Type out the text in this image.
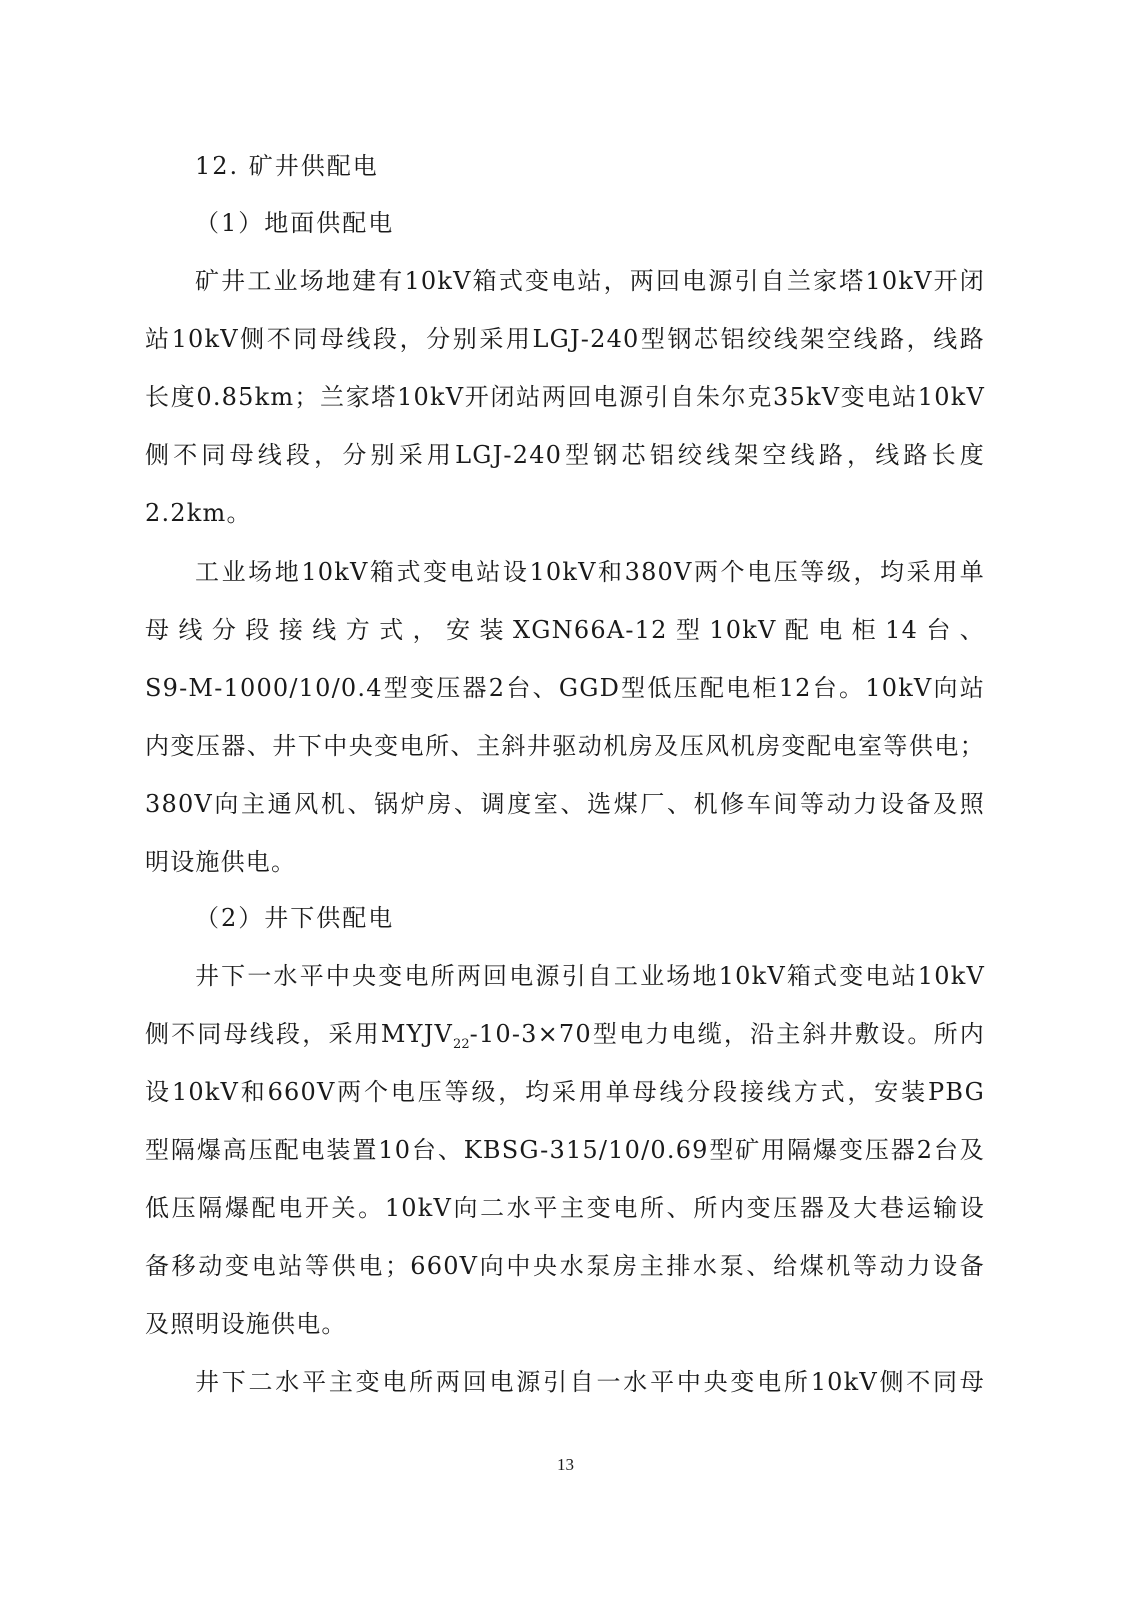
12. 矿井供配电
（1）地面供配电
矿井工业场地建有10kV箱式变电站，两回电源引自兰家塔10kV开闭
站10kV侧不同母线段，分别采用LGJ-240型钢芯铝绞线架空线路，线路
长度0.85km；兰家塔10kV开闭站两回电源引自朱尔克35kV变电站10kV
侧不同母线段，分别采用LGJ-240型钢芯铝绞线架空线路，线路长度
2.2km。
工业场地10kV箱式变电站设10kV和380V两个电压等级，均采用单
母线分段接线方式，安装XGN66A-12型10kV配电柜14台、
S9-M-1000/10/0.4型变压器2台、GGD型低压配电柜12台。10kV向站
内变压器、井下中央变电所、主斜井驱动机房及压风机房变配电室等供电；
380V向主通风机、锅炉房、调度室、选煤厂、机修车间等动力设备及照
明设施供电。
（2）井下供配电
井下一水平中央变电所两回电源引自工业场地10kV箱式变电站10kV
侧不同母线段，采用$MYJV_{22}-10-3\times 70$型电力电缆，沿主斜井敷设。所内
设10kV和660V两个电压等级，均采用单母线分段接线方式，安装PBG
型隔爆高压配电装置10台、KBSG-315/10/0.69型矿用隔爆变压器2台及
低压隔爆配电开关。10kV向二水平主变电所、所内变压器及大巷运输设
备移动变电站等供电；660V向中央水泵房主排水泵、给煤机等动力设备
及照明设施供电。
井下二水平主变电所两回电源引自一水平中央变电所10kV侧不同母
13
